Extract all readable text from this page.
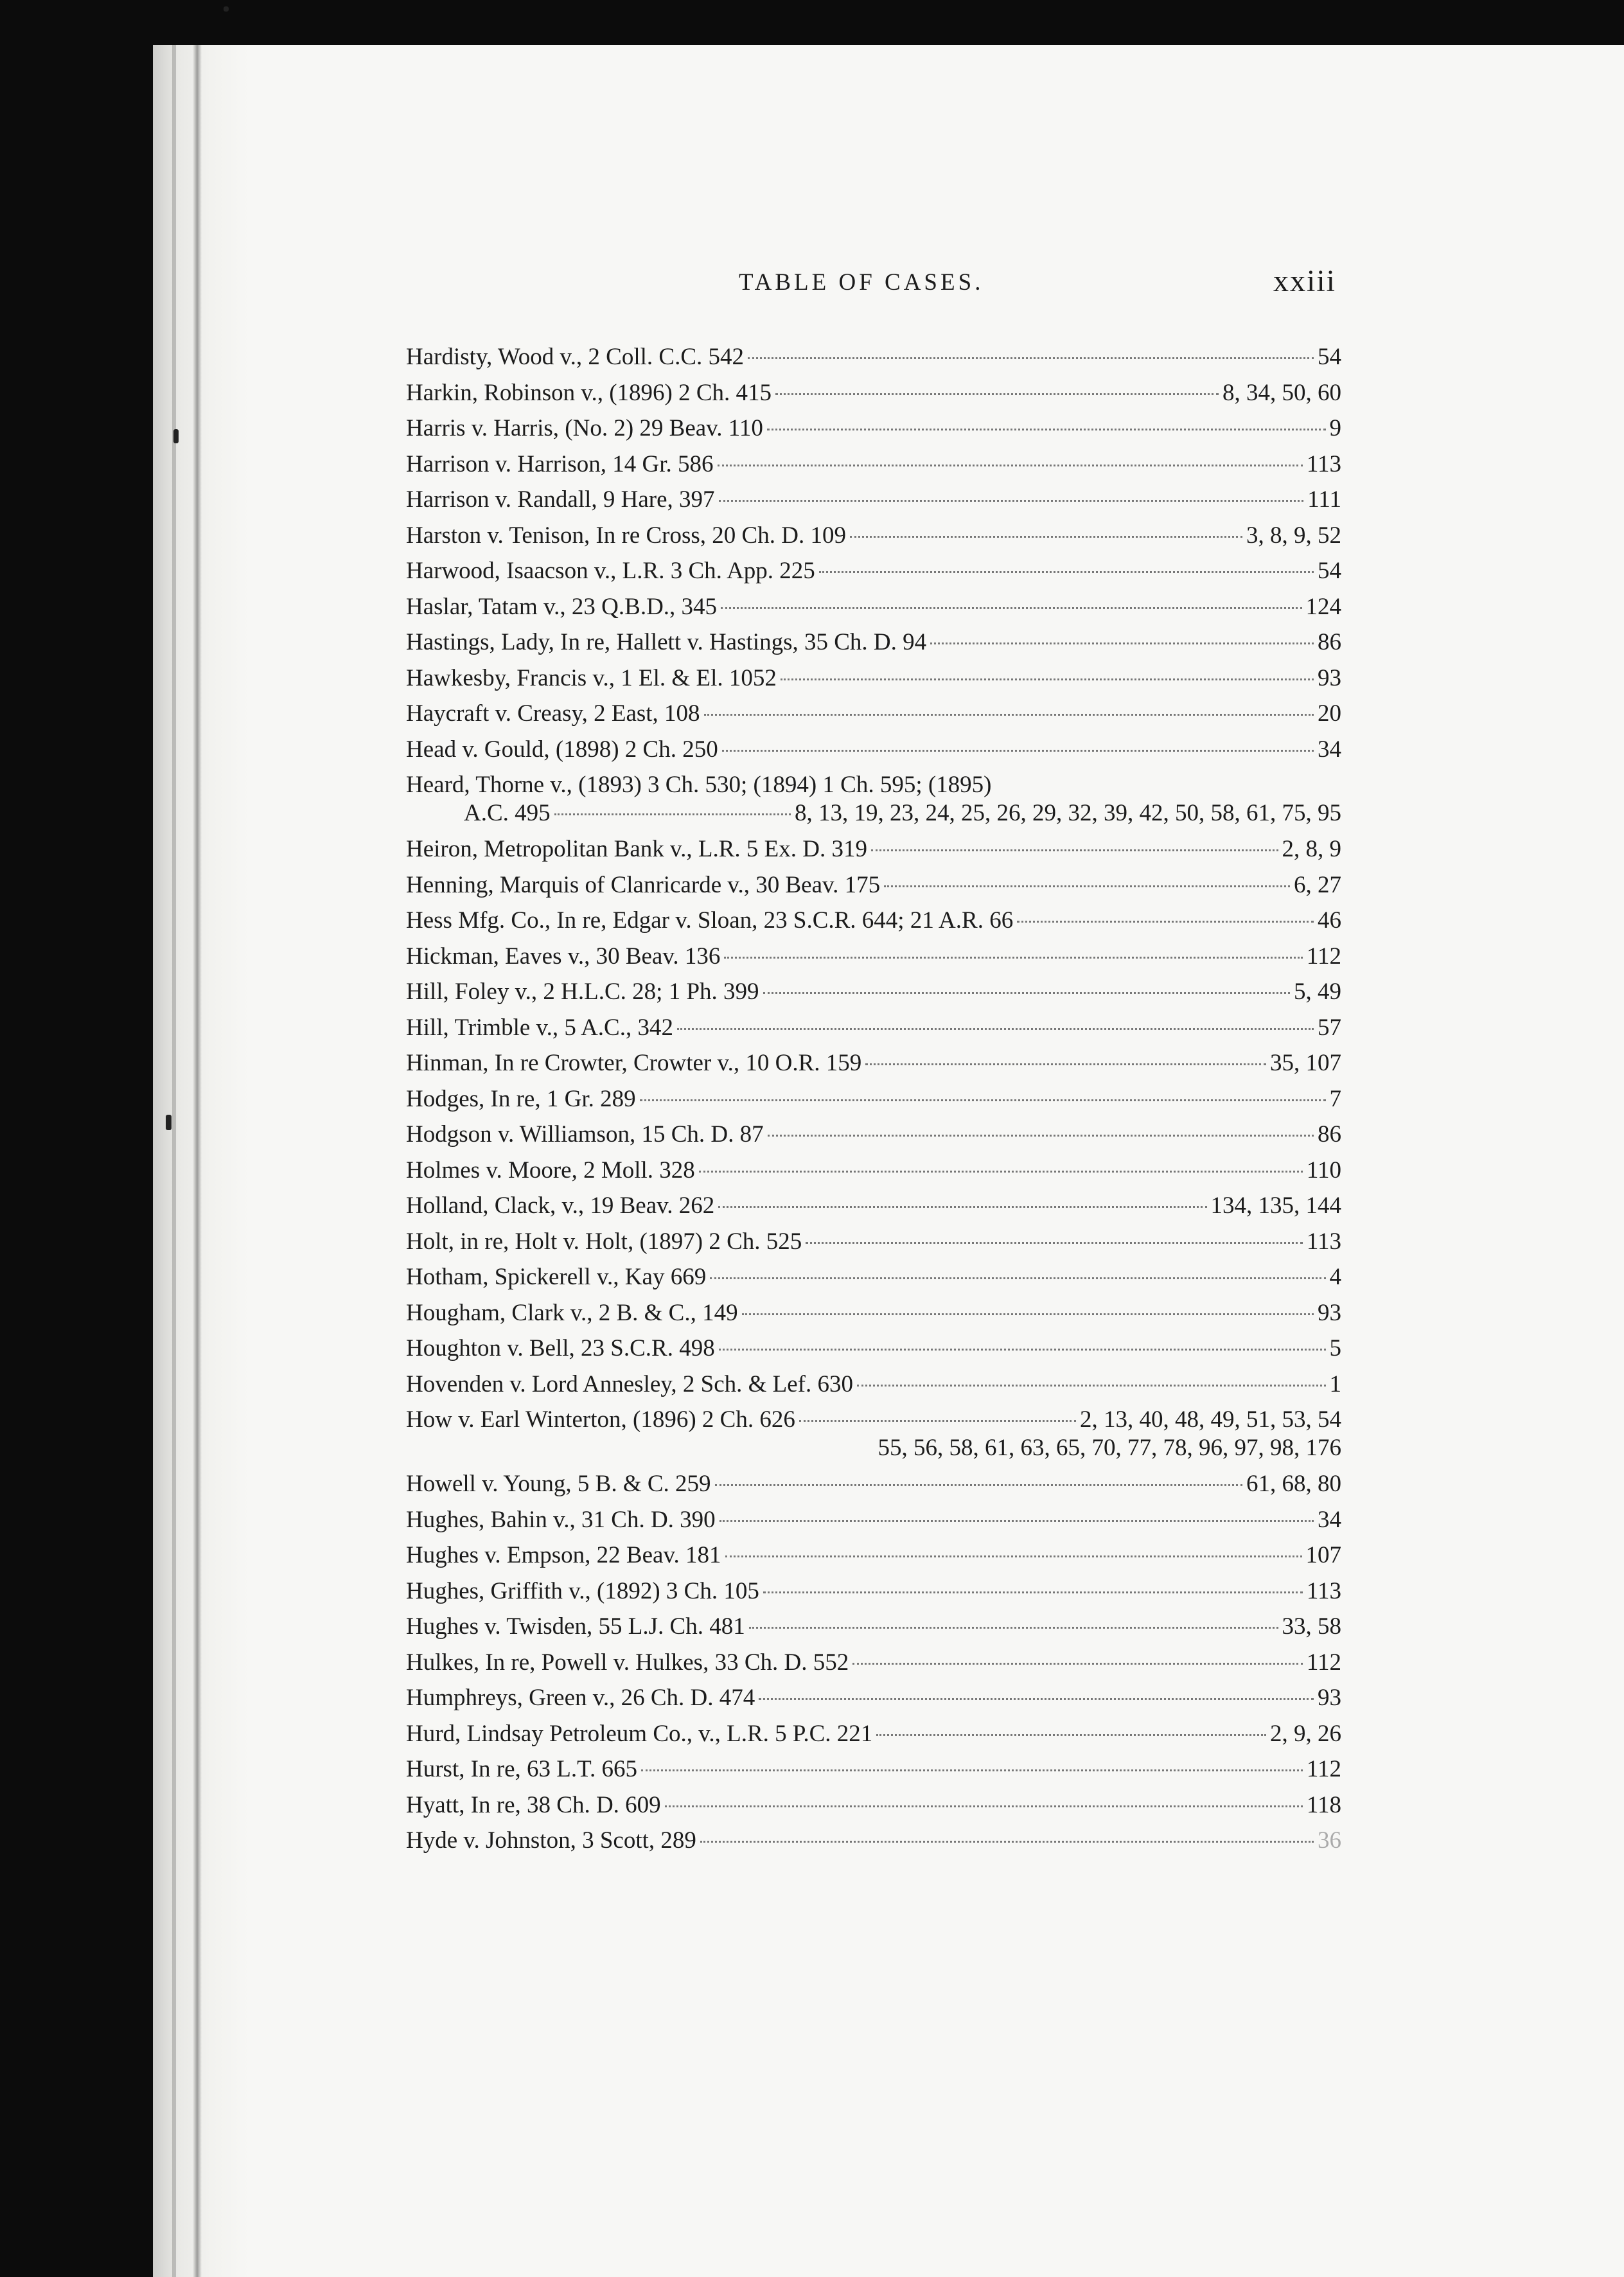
TABLE OF CASES.	xxiii
Hardisty, Wood v., 2 Coll. C.C. 542	54
Harkin, Robinson v., (1896) 2 Ch. 415	8, 34, 50, 60
Harris v. Harris, (No. 2) 29 Beav. 110	9
Harrison v. Harrison, 14 Gr. 586	113
Harrison v. Randall, 9 Hare, 397	111
Harston v. Tenison, In re Cross, 20 Ch. D. 109	3, 8, 9, 52
Harwood, Isaacson v., L.R. 3 Ch. App. 225	54
Haslar, Tatam v., 23 Q.B.D., 345	124
Hastings, Lady, In re, Hallett v. Hastings, 35 Ch. D. 94	86
Hawkesby, Francis v., 1 El. & El. 1052	93
Haycraft v. Creasy, 2 East, 108	20
Head v. Gould, (1898) 2 Ch. 250	34
Heard, Thorne v., (1893) 3 Ch. 530; (1894) 1 Ch. 595; (1895)
A.C. 495	8, 13, 19, 23, 24, 25, 26, 29, 32, 39, 42, 50, 58, 61, 75, 95
Heiron, Metropolitan Bank v., L.R. 5 Ex. D. 319	2, 8, 9
Henning, Marquis of Clanricarde v., 30 Beav. 175	6, 27
Hess Mfg. Co., In re, Edgar v. Sloan, 23 S.C.R. 644; 21 A.R. 66	46
Hickman, Eaves v., 30 Beav. 136	112
Hill, Foley v., 2 H.L.C. 28; 1 Ph. 399	5, 49
Hill, Trimble v., 5 A.C., 342	57
Hinman, In re Crowter, Crowter v., 10 O.R. 159	35, 107
Hodges, In re, 1 Gr. 289	7
Hodgson v. Williamson, 15 Ch. D. 87	86
Holmes v. Moore, 2 Moll. 328	110
Holland, Clack, v., 19 Beav. 262	134, 135, 144
Holt, in re, Holt v. Holt, (1897) 2 Ch. 525	113
Hotham, Spickerell v., Kay 669	4
Hougham, Clark v., 2 B. & C., 149	93
Houghton v. Bell, 23 S.C.R. 498	5
Hovenden v. Lord Annesley, 2 Sch. & Lef. 630	1
How v. Earl Winterton, (1896) 2 Ch. 626	2, 13, 40, 48, 49, 51, 53, 54
55, 56, 58, 61, 63, 65, 70, 77, 78, 96, 97, 98, 176
Howell v. Young, 5 B. & C. 259	61, 68, 80
Hughes, Bahin v., 31 Ch. D. 390	34
Hughes v. Empson, 22 Beav. 181	107
Hughes, Griffith v., (1892) 3 Ch. 105	113
Hughes v. Twisden, 55 L.J. Ch. 481	33, 58
Hulkes, In re, Powell v. Hulkes, 33 Ch. D. 552	112
Humphreys, Green v., 26 Ch. D. 474	93
Hurd, Lindsay Petroleum Co., v., L.R. 5 P.C. 221	2, 9, 26
Hurst, In re, 63 L.T. 665	112
Hyatt, In re, 38 Ch. D. 609	118
Hyde v. Johnston, 3 Scott, 289	36
